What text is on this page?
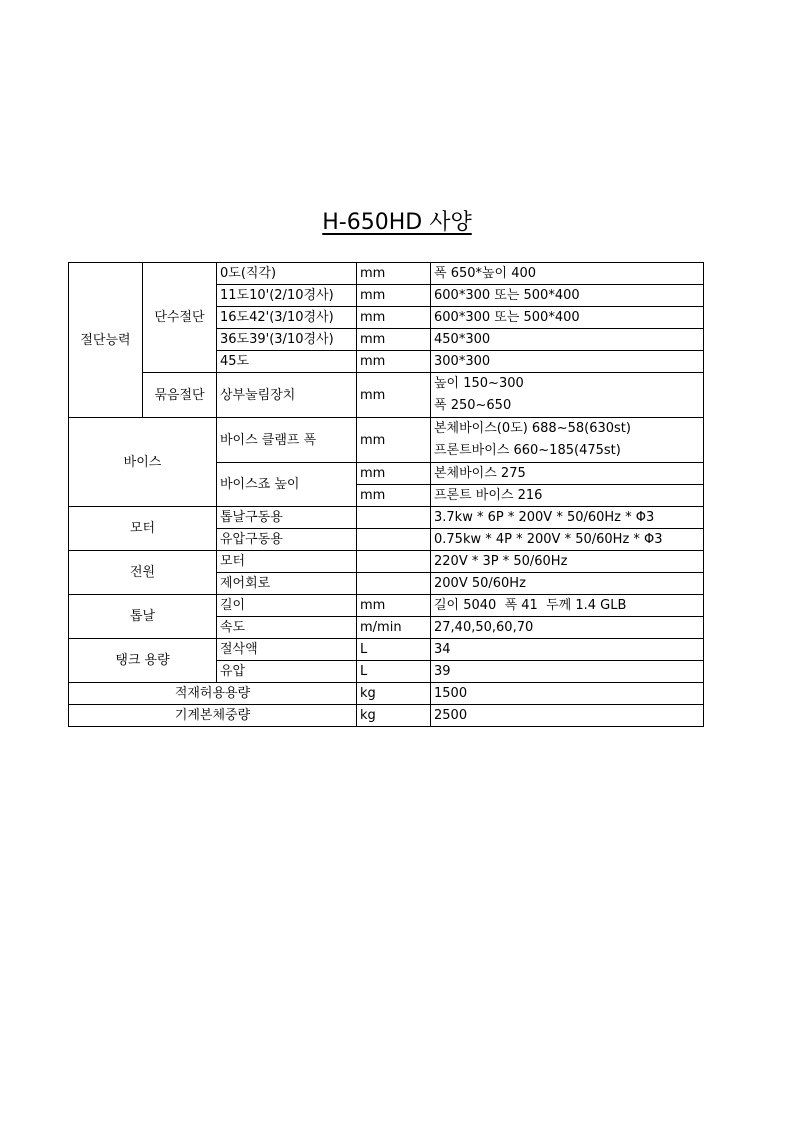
H-650HD 사양
절단능력	단수절단	0도(직각)	mm	폭 650*높이 400
		11도10'(2/10경사)	mm	600*300 또는 500*400
		16도42'(3/10경사)	mm	600*300 또는 500*400
		36도39'(3/10경사)	mm	450*300
		45도	mm	300*300
	묶음절단	상부눌림장치	mm	높이 150~300
폭 250~650

바이스		바이스 클램프 폭	mm	본체바이스(0도) 688~58(630st)
프론트바이스 660~185(475st)

		바이스죠 높이	mm	본체바이스 275
			mm	프론트 바이스 216
모터		톱날구동용		3.7kw * 6P * 200V * 50/60Hz * Φ3
		유압구동용		0.75kw * 4P * 200V * 50/60Hz * Φ3
전원		모터		220V * 3P * 50/60Hz
		제어회로		200V 50/60Hz
톱날		길이	mm	길이 5040  폭 41  두께 1.4 GLB
		속도	m/min	27,40,50,60,70
탱크 용량		절삭액	L	34
		유압	L	39
적재허용용량			kg	1500
기계본체중량			kg	2500
